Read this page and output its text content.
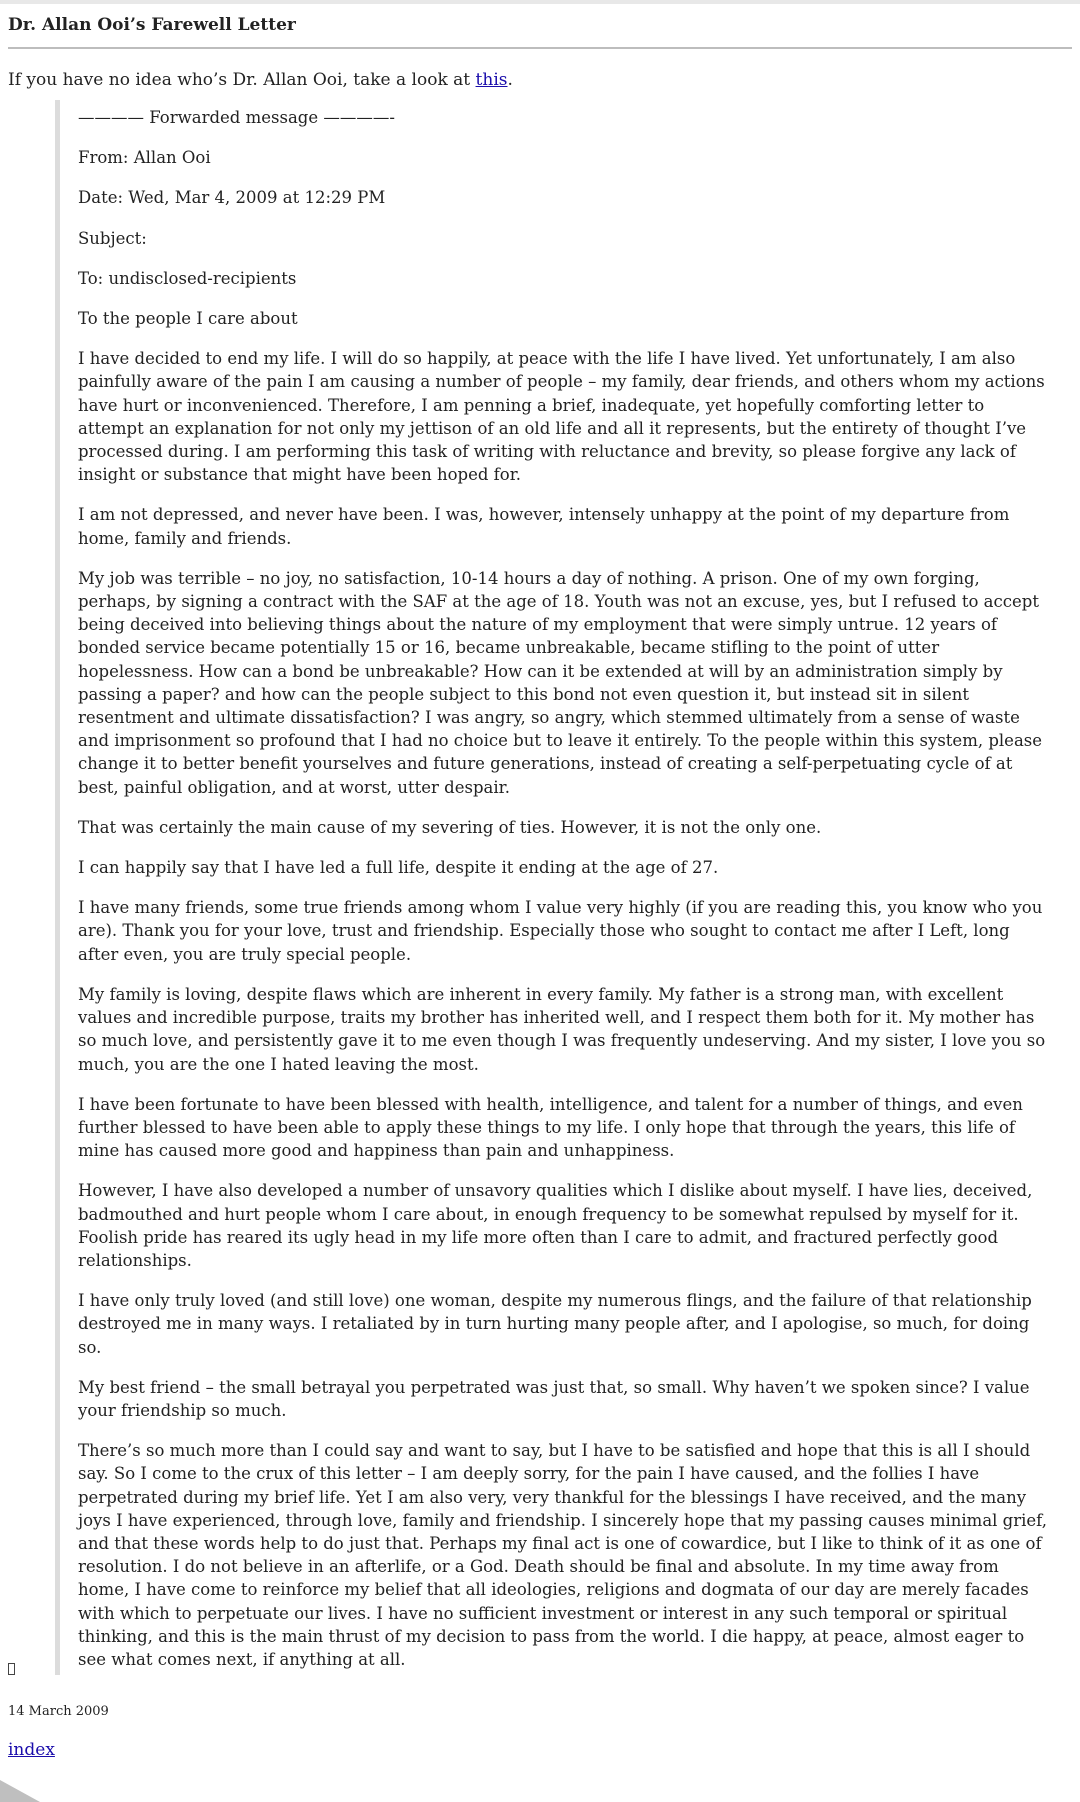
Dr. Allan Ooi’s Farewell Letter
If you have no idea who’s Dr. Allan Ooi, take a look at this.

———— Forwarded message ————-

From: Allan Ooi

Date: Wed, Mar 4, 2009 at 12:29 PM

Subject:

To: undisclosed-recipients

To the people I care about

I have decided to end my life. I will do so happily, at peace with the life I have lived. Yet unfortunately, I am also painfully aware of the pain I am causing a number of people – my family, dear friends, and others whom my actions have hurt or inconvenienced. Therefore, I am penning a brief, inadequate, yet hopefully comforting letter to attempt an explanation for not only my jettison of an old life and all it represents, but the entirety of thought I’ve processed during. I am performing this task of writing with reluctance and brevity, so please forgive any lack of insight or substance that might have been hoped for.

I am not depressed, and never have been. I was, however, intensely unhappy at the point of my departure from home, family and friends.

My job was terrible – no joy, no satisfaction, 10-14 hours a day of nothing. A prison. One of my own forging, perhaps, by signing a contract with the SAF at the age of 18. Youth was not an excuse, yes, but I refused to accept being deceived into believing things about the nature of my employment that were simply untrue. 12 years of bonded service became potentially 15 or 16, became unbreakable, became stifling to the point of utter hopelessness. How can a bond be unbreakable? How can it be extended at will by an administration simply by passing a paper? and how can the people subject to this bond not even question it, but instead sit in silent resentment and ultimate dissatisfaction? I was angry, so angry, which stemmed ultimately from a sense of waste and imprisonment so profound that I had no choice but to leave it entirely. To the people within this system, please change it to better benefit yourselves and future generations, instead of creating a self-perpetuating cycle of at best, painful obligation, and at worst, utter despair.

That was certainly the main cause of my severing of ties. However, it is not the only one.

I can happily say that I have led a full life, despite it ending at the age of 27.

I have many friends, some true friends among whom I value very highly (if you are reading this, you know who you are). Thank you for your love, trust and friendship. Especially those who sought to contact me after I Left, long after even, you are truly special people.

My family is loving, despite flaws which are inherent in every family. My father is a strong man, with excellent values and incredible purpose, traits my brother has inherited well, and I respect them both for it. My mother has so much love, and persistently gave it to me even though I was frequently undeserving. And my sister, I love you so much, you are the one I hated leaving the most.

I have been fortunate to have been blessed with health, intelligence, and talent for a number of things, and even further blessed to have been able to apply these things to my life. I only hope that through the years, this life of mine has caused more good and happiness than pain and unhappiness.

However, I have also developed a number of unsavory qualities which I dislike about myself. I have lies, deceived, badmouthed and hurt people whom I care about, in enough frequency to be somewhat repulsed by myself for it. Foolish pride has reared its ugly head in my life more often than I care to admit, and fractured perfectly good relationships.

I have only truly loved (and still love) one woman, despite my numerous flings, and the failure of that relationship destroyed me in many ways. I retaliated by in turn hurting many people after, and I apologise, so much, for doing so.

My best friend – the small betrayal you perpetrated was just that, so small. Why haven’t we spoken since? I value your friendship so much.

There’s so much more than I could say and want to say, but I have to be satisfied and hope that this is all I should say. So I come to the crux of this letter – I am deeply sorry, for the pain I have caused, and the follies I have perpetrated during my brief life. Yet I am also very, very thankful for the blessings I have received, and the many joys I have experienced, through love, family and friendship. I sincerely hope that my passing causes minimal grief, and that these words help to do just that. Perhaps my final act is one of cowardice, but I like to think of it as one of resolution. I do not believe in an afterlife, or a God. Death should be final and absolute. In my time away from home, I have come to reinforce my belief that all ideologies, religions and dogmata of our day are merely facades with which to perpetuate our lives. I have no sufficient investment or interest in any such temporal or spiritual thinking, and this is the main thrust of my decision to pass from the world. I die happy, at peace, almost eager to see what comes next, if anything at all.

14 March 2009
index
